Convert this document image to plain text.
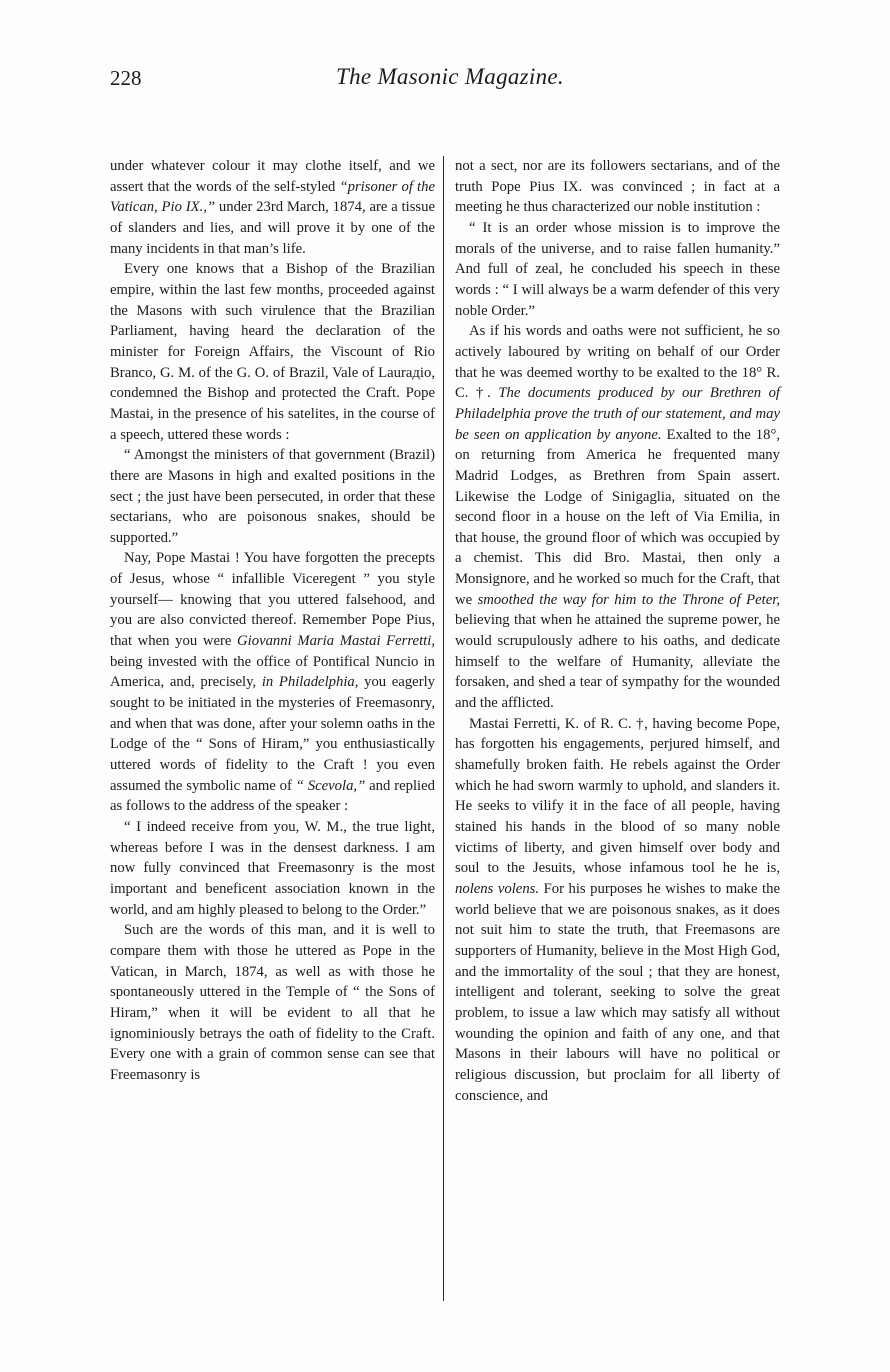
228	The Masonic Magazine.

under whatever colour it may clothe itself, and we assert that the words of the self-styled “prisoner of the Vatican, Pio IX.,” under 23rd March, 1874, are a tissue of slanders and lies, and will prove it by one of the many incidents in that man’s life.

Every one knows that a Bishop of the Brazilian empire, within the last few months, proceeded against the Masons with such virulence that the Brazilian Parliament, having heard the declaration of the minister for Foreign Affairs, the Viscount of Rio Branco, G. M. of the G. O. of Brazil, Vale of Laurадio, condemned the Bishop and protected the Craft. Pope Mastai, in the presence of his satelites, in the course of a speech, uttered these words :

“ Amongst the ministers of that government (Brazil) there are Masons in high and exalted positions in the sect ; the just have been persecuted, in order that these sectarians, who are poisonous snakes, should be supported.”

Nay, Pope Mastai ! You have forgotten the precepts of Jesus, whose “ infallible Viceregent ” you style yourself— knowing that you uttered falsehood, and you are also convicted thereof. Remember Pope Pius, that when you were Giovanni Maria Mastai Ferretti, being invested with the office of Pontifical Nuncio in America, and, precisely, in Philadelphia, you eagerly sought to be initiated in the mysteries of Freemasonry, and when that was done, after your solemn oaths in the Lodge of the “ Sons of Hiram,” you enthusiastically uttered words of fidelity to the Craft ! you even assumed the symbolic name of “ Scevola,” and replied as follows to the address of the speaker :

“ I indeed receive from you, W. M., the true light, whereas before I was in the densest darkness. I am now fully convinced that Freemasonry is the most important and beneficent association known in the world, and am highly pleased to belong to the Order.”

Such are the words of this man, and it is well to compare them with those he uttered as Pope in the Vatican, in March, 1874, as well as with those he spontaneously uttered in the Temple of “ the Sons of Hiram,” when it will be evident to all that he ignominiously betrays the oath of fidelity to the Craft. Every one with a grain of common sense can see that Freemasonry is

not a sect, nor are its followers sectarians, and of the truth Pope Pius IX. was convinced ; in fact at a meeting he thus characterized our noble institution :

“ It is an order whose mission is to improve the morals of the universe, and to raise fallen humanity.” And full of zeal, he concluded his speech in these words : “ I will always be a warm defender of this very noble Order.”

As if his words and oaths were not sufficient, he so actively laboured by writing on behalf of our Order that he was deemed worthy to be exalted to the 18° R. C. †. The documents produced by our Brethren of Philadelphia prove the truth of our statement, and may be seen on application by anyone. Exalted to the 18°, on returning from America he frequented many Madrid Lodges, as Brethren from Spain assert. Likewise the Lodge of Sinigaglia, situated on the second floor in a house on the left of Via Emilia, in that house, the ground floor of which was occupied by a chemist. This did Bro. Mastai, then only a Monsignore, and he worked so much for the Craft, that we smoothed the way for him to the Throne of Peter, believing that when he attained the supreme power, he would scrupulously adhere to his oaths, and dedicate himself to the welfare of Humanity, alleviate the forsaken, and shed a tear of sympathy for the wounded and the afflicted.

Mastai Ferretti, K. of R. C. †, having become Pope, has forgotten his engagements, perjured himself, and shamefully broken faith. He rebels against the Order which he had sworn warmly to uphold, and slanders it. He seeks to vilify it in the face of all people, having stained his hands in the blood of so many noble victims of liberty, and given himself over body and soul to the Jesuits, whose infamous tool he he is, nolens volens. For his purposes he wishes to make the world believe that we are poisonous snakes, as it does not suit him to state the truth, that Freemasons are supporters of Humanity, believe in the Most High God, and the immortality of the soul ; that they are honest, intelligent and tolerant, seeking to solve the great problem, to issue a law which may satisfy all without wounding the opinion and faith of any one, and that Masons in their labours will have no political or religious discussion, but proclaim for all liberty of conscience, and
